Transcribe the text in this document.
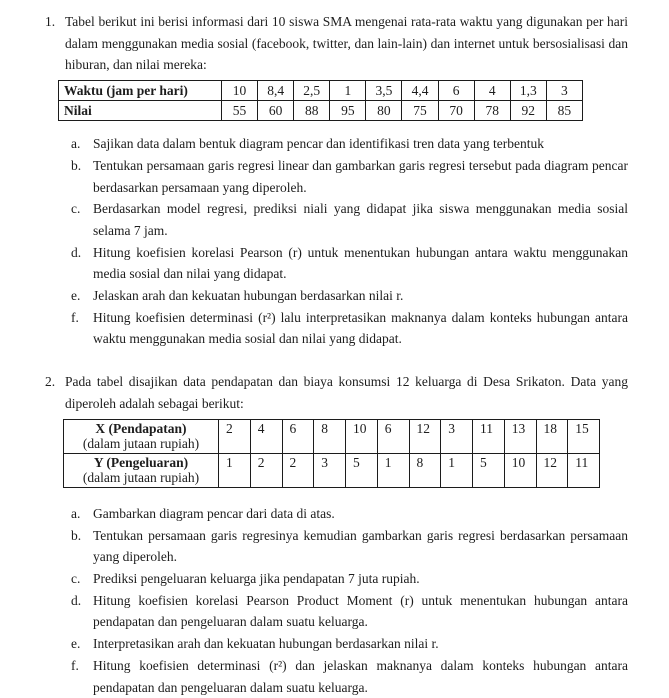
1. Tabel berikut ini berisi informasi dari 10 siswa SMA mengenai rata-rata waktu yang digunakan per hari dalam menggunakan media sosial (facebook, twitter, dan lain-lain) dan internet untuk bersosialisasi dan hiburan, dan nilai mereka:

Waktu (jam per hari)	10	8,4	2,5	1	3,5	4,4	6	4	1,3	3
Nilai	55	60	88	95	80	75	70	78	92	85
a. Sajikan data dalam bentuk diagram pencar dan identifikasi tren data yang terbentuk
b. Tentukan persamaan garis regresi linear dan gambarkan garis regresi tersebut pada diagram pencar berdasarkan persamaan yang diperoleh.
c. Berdasarkan model regresi, prediksi niali yang didapat jika siswa menggunakan media sosial selama 7 jam.
d. Hitung koefisien korelasi Pearson (r) untuk menentukan hubungan antara waktu menggunakan media sosial dan nilai yang didapat.
e. Jelaskan arah dan kekuatan hubungan berdasarkan nilai r.
f.	Hitung koefisien determinasi (r²) lalu interpretasikan maknanya dalam konteks hubungan antara waktu menggunakan media sosial dan nilai yang didapat.
2. Pada tabel disajikan data pendapatan dan biaya konsumsi 12 keluarga di Desa Srikaton. Data yang diperoleh adalah sebagai berikut:

X (Pendapatan)
(dalam jutaan rupiah)	2	4	6	8	10	6	12	3	11	13	18	15

Y (Pengeluaran)
(dalam jutaan rupiah)	1	2	2	3	5	1	8	1	5	10	12	11
a. Gambarkan diagram pencar dari data di atas.
b. Tentukan persamaan garis regresinya kemudian gambarkan garis regresi berdasarkan persamaan yang diperoleh.
c. Prediksi pengeluaran keluarga jika pendapatan 7 juta rupiah.
d. Hitung koefisien korelasi Pearson Product Moment (r) untuk menentukan hubungan antara pendapatan dan pengeluaran dalam suatu keluarga.
e. Interpretasikan arah dan kekuatan hubungan berdasarkan nilai r.
f.	Hitung koefisien determinasi (r²) dan jelaskan maknanya dalam konteks hubungan antara pendapatan dan pengeluaran dalam suatu keluarga.
